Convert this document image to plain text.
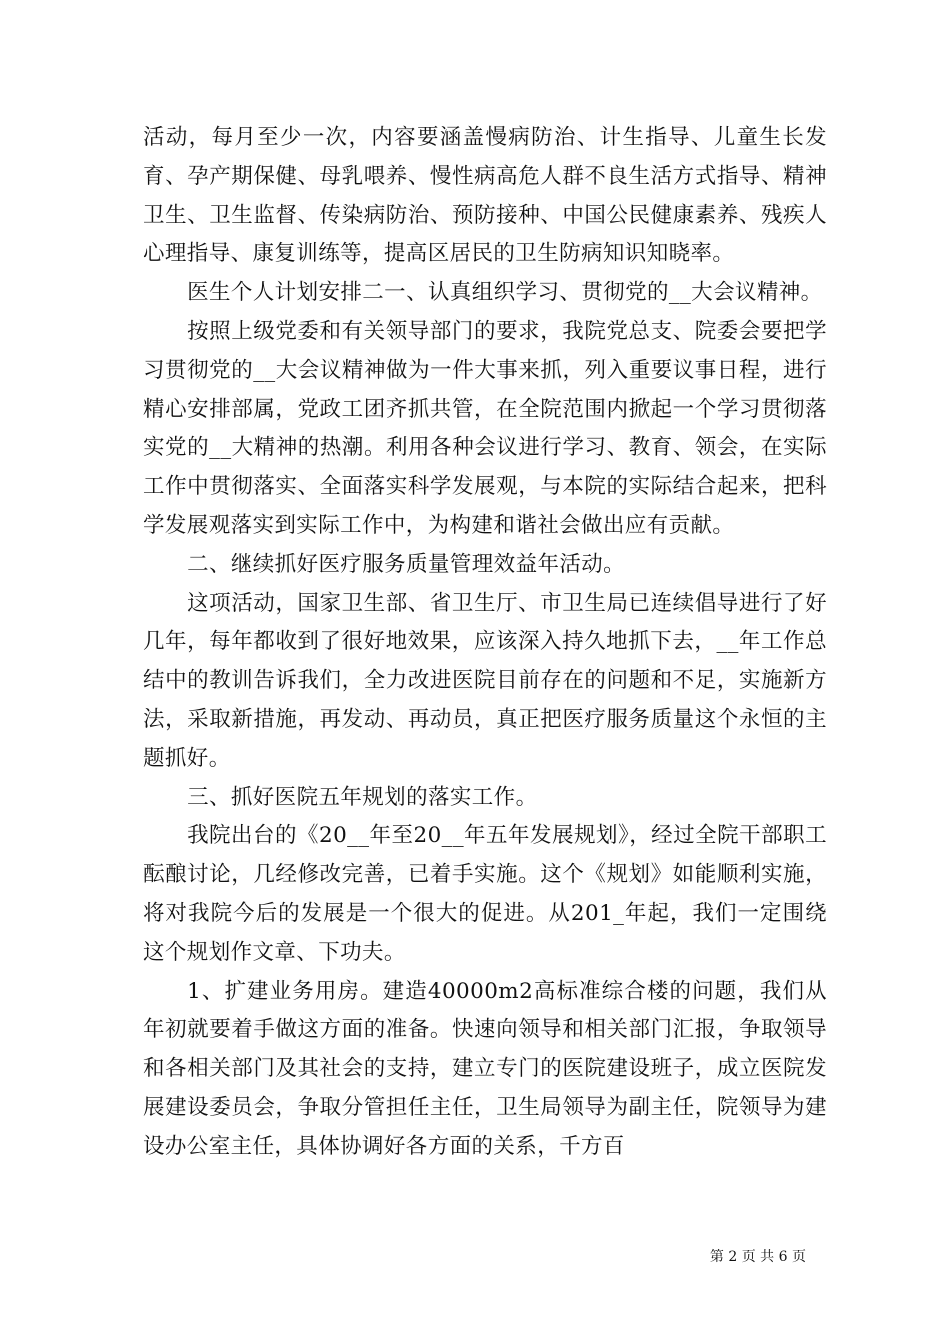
活动，每月至少一次，内容要涵盖慢病防治、计生指导、儿童生长发育、孕产期保健、母乳喂养、慢性病高危人群不良生活方式指导、精神卫生、卫生监督、传染病防治、预防接种、中国公民健康素养、残疾人心理指导、康复训练等，提高区居民的卫生防病知识知晓率。

医生个人计划安排二一、认真组织学习、贯彻党的__大会议精神。

按照上级党委和有关领导部门的要求，我院党总支、院委会要把学习贯彻党的__大会议精神做为一件大事来抓，列入重要议事日程，进行精心安排部属，党政工团齐抓共管，在全院范围内掀起一个学习贯彻落实党的__大精神的热潮。利用各种会议进行学习、教育、领会，在实际工作中贯彻落实、全面落实科学发展观，与本院的实际结合起来，把科学发展观落实到实际工作中，为构建和谐社会做出应有贡献。

二、继续抓好医疗服务质量管理效益年活动。

这项活动，国家卫生部、省卫生厅、市卫生局已连续倡导进行了好几年，每年都收到了很好地效果，应该深入持久地抓下去，__年工作总结中的教训告诉我们，全力改进医院目前存在的问题和不足，实施新方法，采取新措施，再发动、再动员，真正把医疗服务质量这个永恒的主题抓好。

三、抓好医院五年规划的落实工作。

我院出台的《20__年至20__年五年发展规划》，经过全院干部职工酝酿讨论，几经修改完善，已着手实施。这个《规划》如能顺利实施，将对我院今后的发展是一个很大的促进。从201_年起，我们一定围绕这个规划作文章、下功夫。

1、扩建业务用房。建造40000m2高标准综合楼的问题，我们从年初就要着手做这方面的准备。快速向领导和相关部门汇报，争取领导和各相关部门及其社会的支持，建立专门的医院建设班子，成立医院发展建设委员会，争取分管担任主任，卫生局领导为副主任，院领导为建设办公室主任，具体协调好各方面的关系，千方百

第 2 页 共 6 页
